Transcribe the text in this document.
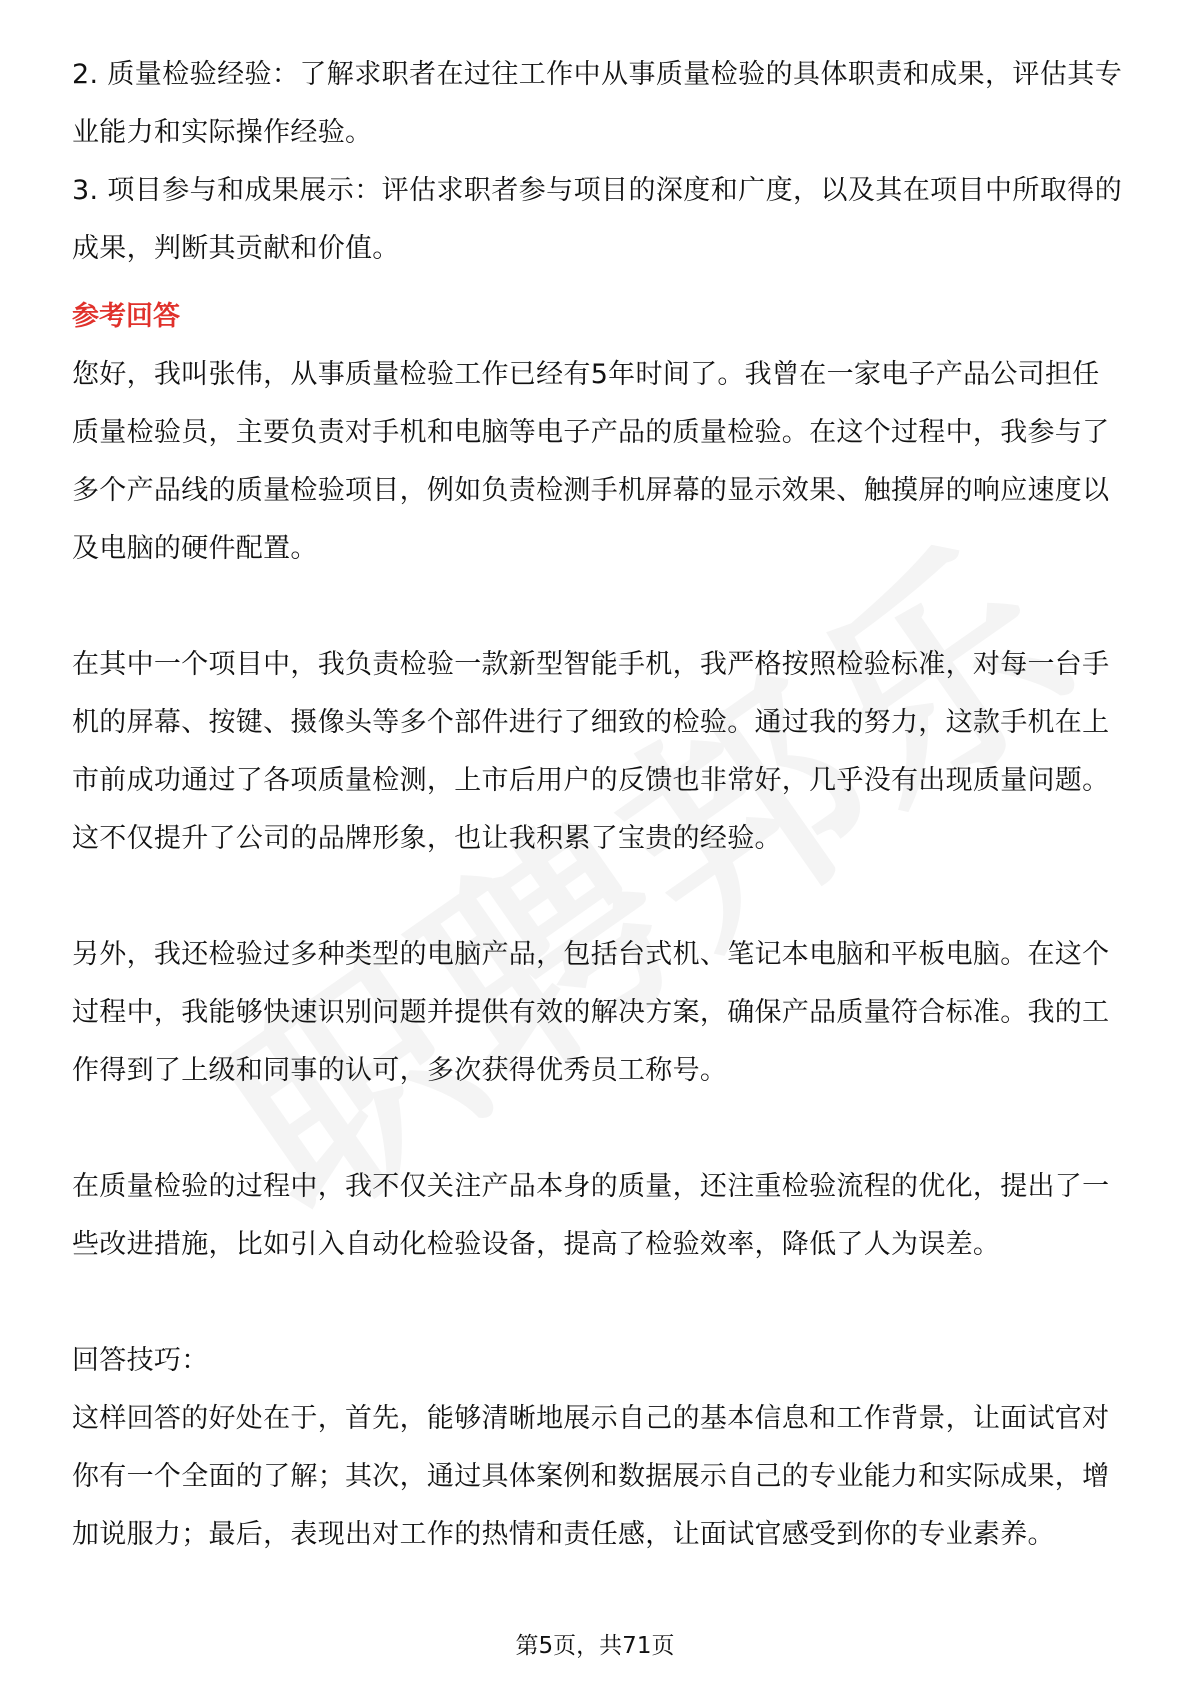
2. 质量检验经验：了解求职者在过往工作中从事质量检验的具体职责和成果，评估其专业能力和实际操作经验。

3. 项目参与和成果展示：评估求职者参与项目的深度和广度，以及其在项目中所取得的成果，判断其贡献和价值。

参考回答

您好，我叫张伟，从事质量检验工作已经有5年时间了。我曾在一家电子产品公司担任质量检验员，主要负责对手机和电脑等电子产品的质量检验。在这个过程中，我参与了多个产品线的质量检验项目，例如负责检测手机屏幕的显示效果、触摸屏的响应速度以及电脑的硬件配置。

在其中一个项目中，我负责检验一款新型智能手机，我严格按照检验标准，对每一台手机的屏幕、按键、摄像头等多个部件进行了细致的检验。通过我的努力，这款手机在上市前成功通过了各项质量检测，上市后用户的反馈也非常好，几乎没有出现质量问题。这不仅提升了公司的品牌形象，也让我积累了宝贵的经验。

另外，我还检验过多种类型的电脑产品，包括台式机、笔记本电脑和平板电脑。在这个过程中，我能够快速识别问题并提供有效的解决方案，确保产品质量符合标准。我的工作得到了上级和同事的认可，多次获得优秀员工称号。

在质量检验的过程中，我不仅关注产品本身的质量，还注重检验流程的优化，提出了一些改进措施，比如引入自动化检验设备，提高了检验效率，降低了人为误差。

回答技巧：

这样回答的好处在于，首先，能够清晰地展示自己的基本信息和工作背景，让面试官对你有一个全面的了解；其次，通过具体案例和数据展示自己的专业能力和实际成果，增加说服力；最后，表现出对工作的热情和责任感，让面试官感受到你的专业素养。

第5页，共71页
